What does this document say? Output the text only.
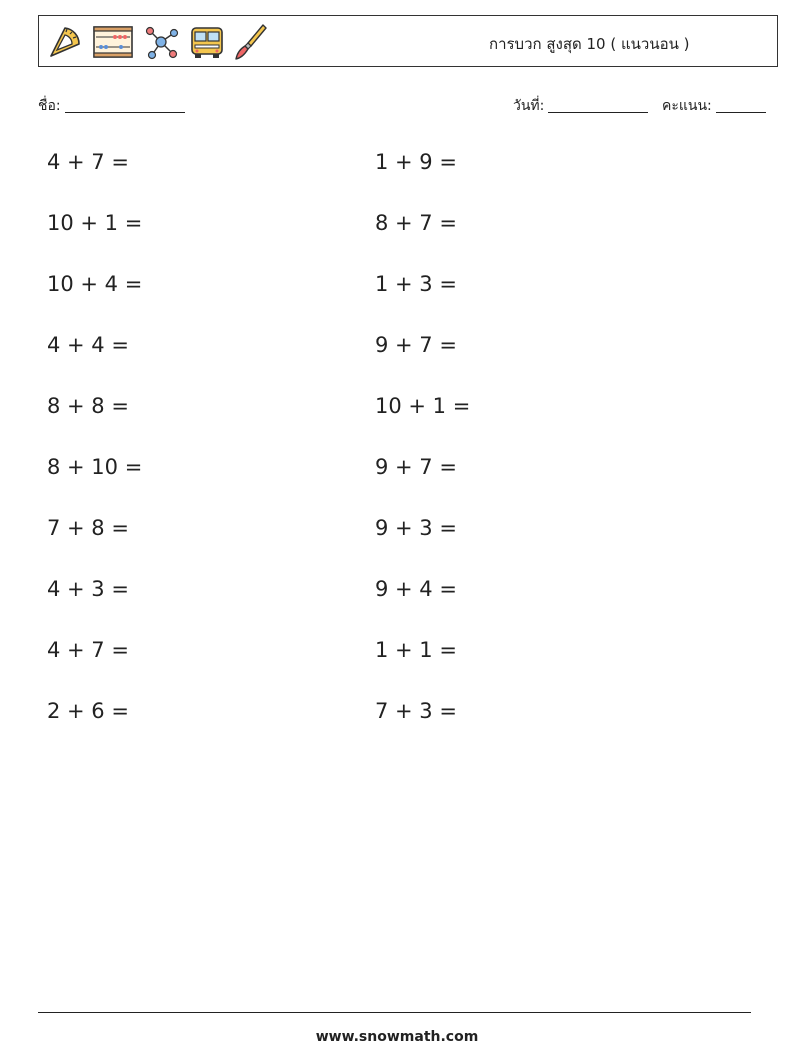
การบวก สูงสุด 10 ( แนวนอน )
ชื่อ:	วันที่:	คะแนน:
4 + 7 =	1 + 9 =
10 + 1 =	8 + 7 =
10 + 4 =	1 + 3 =
4 + 4 =	9 + 7 =
8 + 8 =	10 + 1 =
8 + 10 =	9 + 7 =
7 + 8 =	9 + 3 =
4 + 3 =	9 + 4 =
4 + 7 =	1 + 1 =
2 + 6 =	7 + 3 =
www.snowmath.com
